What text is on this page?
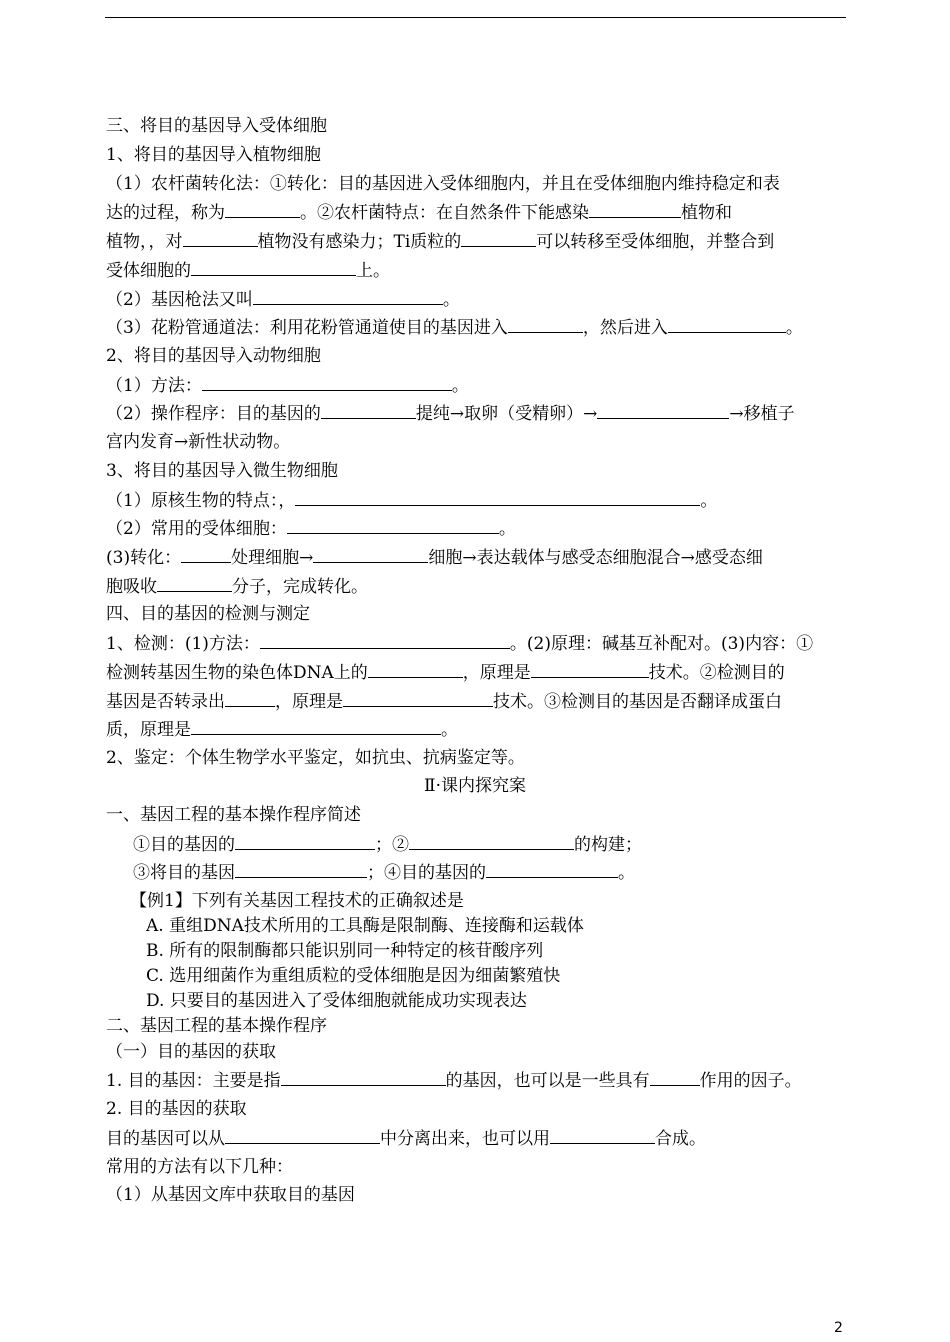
三、将目的基因导入受体细胞
1、将目的基因导入植物细胞
（1）农杆菌转化法：①转化：目的基因进入受体细胞内，并且在受体细胞内维持稳定和表
达的过程，称为	。②农杆菌特点：在自然条件下能感染	植物和
植物，，对	植物没有感染力；Ti质粒的	可以转移至受体细胞，并整合到
受体细胞的	上。
（2）基因枪法又叫	。
（3）花粉管通道法：利用花粉管通道使目的基因进入	，然后进入	。
2、将目的基因导入动物细胞
（1）方法：	。
（2）操作程序：目的基因的	提纯→取卵（受精卵）→	→移植子
宫内发育→新性状动物。
3、将目的基因导入微生物细胞
（1）原核生物的特点：，	。
（2）常用的受体细胞：	。
(3)转化：	处理细胞→	细胞→表达载体与感受态细胞混合→感受态细
胞吸收	分子，完成转化。
四、目的基因的检测与测定
1、检测：(1)方法：	。(2)原理：碱基互补配对。(3)内容：①
检测转基因生物的染色体DNA上的	，原理是	技术。②检测目的
基因是否转录出	，原理是	技术。③检测目的基因是否翻译成蛋白
质，原理是	。
2、鉴定：个体生物学水平鉴定，如抗虫、抗病鉴定等。
Ⅱ·课内探究案
一、基因工程的基本操作程序简述
①目的基因的	；②	的构建；
③将目的基因	；④目的基因的	。
【例1】下列有关基因工程技术的正确叙述是
A. 重组DNA技术所用的工具酶是限制酶、连接酶和运载体
B. 所有的限制酶都只能识别同一种特定的核苷酸序列
C. 选用细菌作为重组质粒的受体细胞是因为细菌繁殖快
D. 只要目的基因进入了受体细胞就能成功实现表达
二、基因工程的基本操作程序
（一）目的基因的获取
1. 目的基因：主要是指	的基因，也可以是一些具有	作用的因子。
2. 目的基因的获取
目的基因可以从	中分离出来，也可以用	合成。
常用的方法有以下几种：
（1）从基因文库中获取目的基因
2
